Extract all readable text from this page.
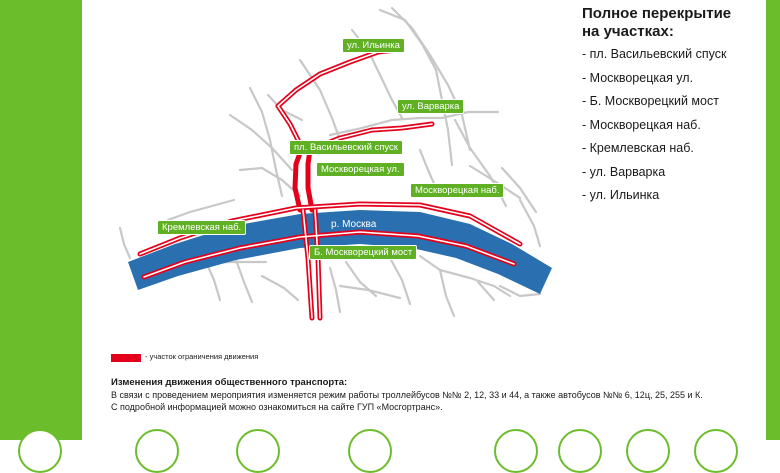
ул. Ильинка
ул. Варварка
пл. Васильевский спуск
Москворецкая ул.
Москворецкая наб.
Кремлевская наб.	р. Москва
Б. Москворецкий мост
Полное перекрытие
на участках:
- пл. Васильевский спуск
- Москворецкая ул.
- Б. Москворецкий мост
- Москворецкая наб.
- Кремлевская наб.
- ул. Варварка
- ул. Ильинка
- участок ограничения движения
Изменения движения общественного транспорта:
В связи с проведением мероприятия изменяется режим работы троллейбусов №№ 2, 12, 33 и 44, а также автобусов №№ 6, 12ц, 25, 255 и К.
С подробной информацией можно ознакомиться на сайте ГУП «Мосгортранс».
